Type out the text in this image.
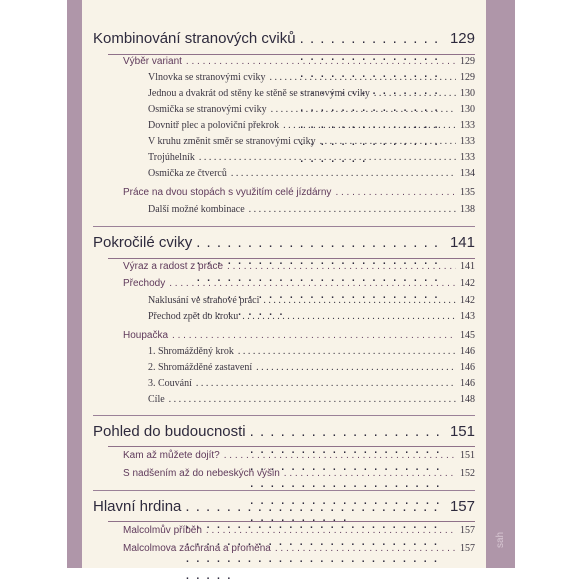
Kombinování stranových cviků . . .	129
Výběr variant . . .	129
Vlnovka se stranovými cviky . . .	129
Jednou a dvakrát od stěny ke stěně se stranovými cviky . . .	130
Osmička se stranovými cviky . . .	130
Dovnitř plec a poloviční překrok . . .	133
V kruhu změnit směr se stranovými cviky . . .	133
Trojúhelník . . .	133
Osmička ze čtverců . . .	134
Práce na dvou stopách s využitím celé jízdárny . . .	135
Další možné kombinace . . .	138
Pokročilé cviky . . .	141
Výraz a radost z práce . . .	141
Přechody . . .	142
Naklusání ve stranové práci . . .	142
Přechod zpět do kroku . . .	143
Houpačka . . .	145
1. Shromážděný krok . . .	146
2. Shromážděné zastavení . . .	146
3. Couvání . . .	146
Cíle . . .	148
Pohled do budoucnosti . . .	151
Kam až můžete dojít? . . .	151
S nadšením až do nebeských výšin . . .	152
Hlavní hrdina . . .	157
Malcolmův příběh . . .	157
Malcolmova záchrana a proměna . . .	157
sah
